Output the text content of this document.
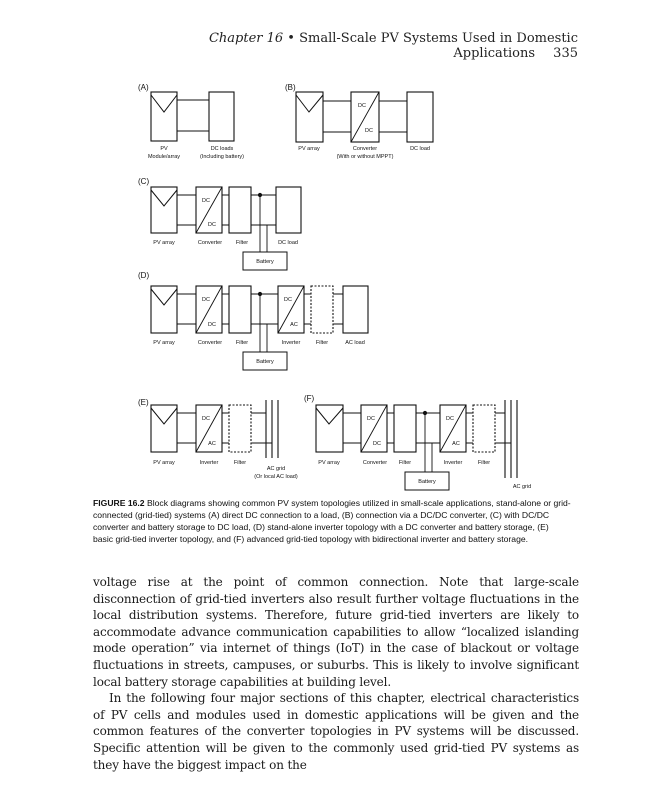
Chapter 16 • Small-Scale PV Systems Used in Domestic Applications 335
(A)
PV
Module/array
DC loads
(Including battery)
(B)
DC
DC
PV array	Converter
(With or without MPPT)
DC load
(C)
DC
DC
Battery
PV array	Converter	Filter	DC load
(D)
DC
DC
Battery
DC
AC
PV array	Converter	Filter	Inverter	Filter	AC load
(E)
DC
AC
PV array	Inverter	Filter
AC grid
(Or local AC load)
(F)
DC
DC
Battery
DC
AC
PV array	Converter Filter	Inverter	Filter
AC grid
FIGURE 16.2 Block diagrams showing common PV system topologies utilized in small-scale applications, stand-alone or grid-connected (grid-tied) systems (A) direct DC connection to a load, (B) connection via a DC/DC converter, (C) with DC/DC converter and battery storage to DC load, (D) stand-alone inverter topology with a DC converter and battery storage, (E) basic grid-tied inverter topology, and (F) advanced grid-tied topology with bidirectional inverter and battery storage.

voltage rise at the point of common connection. Note that large-scale disconnection of grid-tied inverters also result further voltage fluctuations in the local distribution systems. Therefore, future grid-tied inverters are likely to accommodate advance communication capabilities to allow “localized islanding mode operation” via internet of things (IoT) in the case of blackout or voltage fluctuations in streets, campuses, or suburbs. This is likely to involve significant local battery storage capabilities at building level.

In the following four major sections of this chapter, electrical characteristics of PV cells and modules used in domestic applications will be given and the common features of the converter topologies in PV systems will be discussed. Specific attention will be given to the commonly used grid-tied PV systems as they have the biggest impact on the
